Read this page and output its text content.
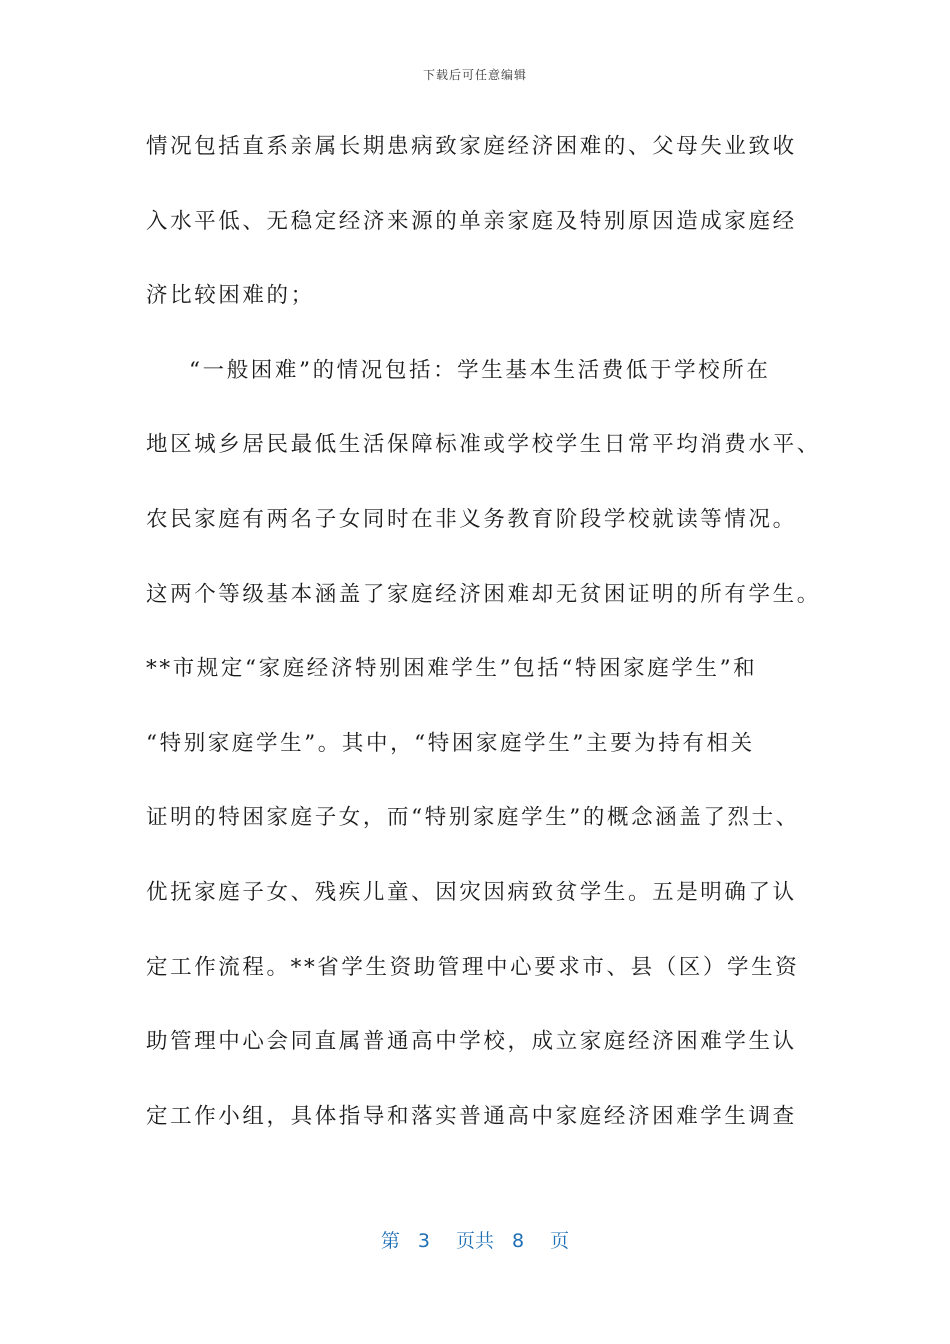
下载后可任意编辑
情况包括直系亲属长期患病致家庭经济困难的、父母失业致收
入水平低、无稳定经济来源的单亲家庭及特别原因造成家庭经
济比较困难的；
“一般困难”的情况包括：学生基本生活费低于学校所在
地区城乡居民最低生活保障标准或学校学生日常平均消费水平、
农民家庭有两名子女同时在非义务教育阶段学校就读等情况。
这两个等级基本涵盖了家庭经济困难却无贫困证明的所有学生。
**市规定“家庭经济特别困难学生”包括“特困家庭学生”和
“特别家庭学生”。其中，“特困家庭学生”主要为持有相关
证明的特困家庭子女，而“特别家庭学生”的概念涵盖了烈士、
优抚家庭子女、残疾儿童、因灾因病致贫学生。五是明确了认
定工作流程。**省学生资助管理中心要求市、县（区）学生资
助管理中心会同直属普通高中学校，成立家庭经济困难学生认
定工作小组，具体指导和落实普通高中家庭经济困难学生调查
第 3 页共 8 页
